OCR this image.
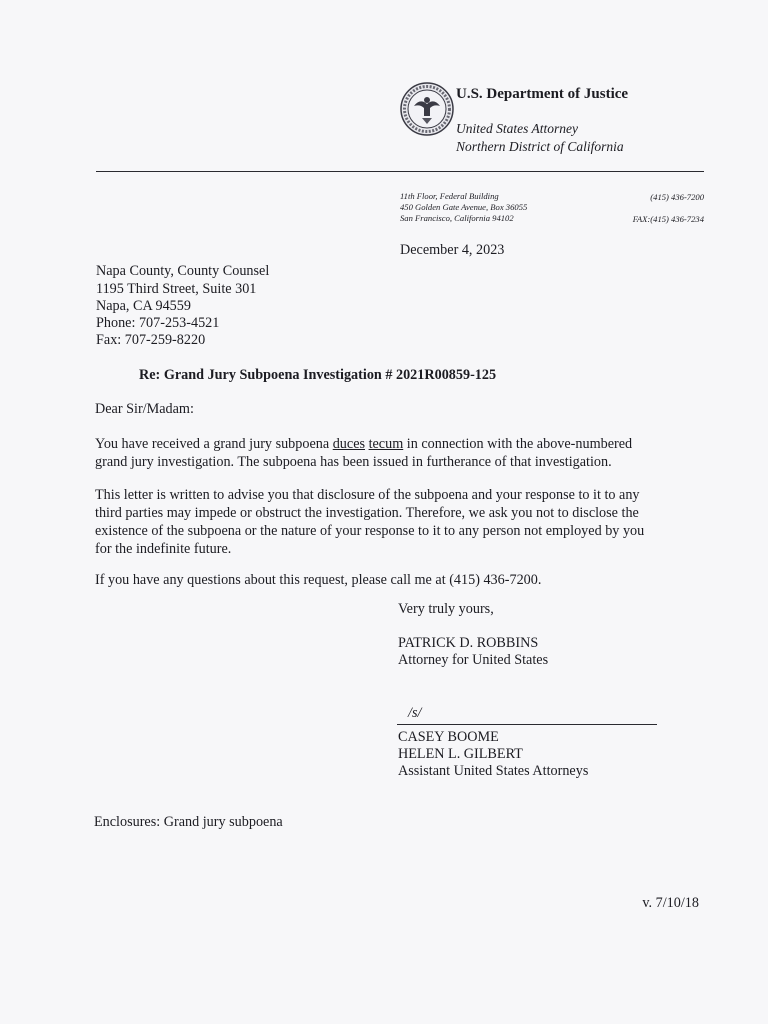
U.S. Department of Justice
United States Attorney
Northern District of California
11th Floor, Federal Building
450 Golden Gate Avenue, Box 36055
San Francisco, California 94102
(415) 436-7200
FAX:(415) 436-7234
December 4, 2023
Napa County, County Counsel
1195 Third Street, Suite 301
Napa, CA 94559
Phone: 707-253-4521
Fax: 707-259-8220
Re: Grand Jury Subpoena Investigation # 2021R00859-125
Dear Sir/Madam:
You have received a grand jury subpoena duces tecum in connection with the above-numbered grand jury investigation. The subpoena has been issued in furtherance of that investigation.
This letter is written to advise you that disclosure of the subpoena and your response to it to any third parties may impede or obstruct the investigation. Therefore, we ask you not to disclose the existence of the subpoena or the nature of your response to it to any person not employed by you for the indefinite future.
If you have any questions about this request, please call me at (415) 436-7200.
Very truly yours,
PATRICK D. ROBBINS
Attorney for United States
/s/
CASEY BOOME
HELEN L. GILBERT
Assistant United States Attorneys
Enclosures: Grand jury subpoena
v. 7/10/18
